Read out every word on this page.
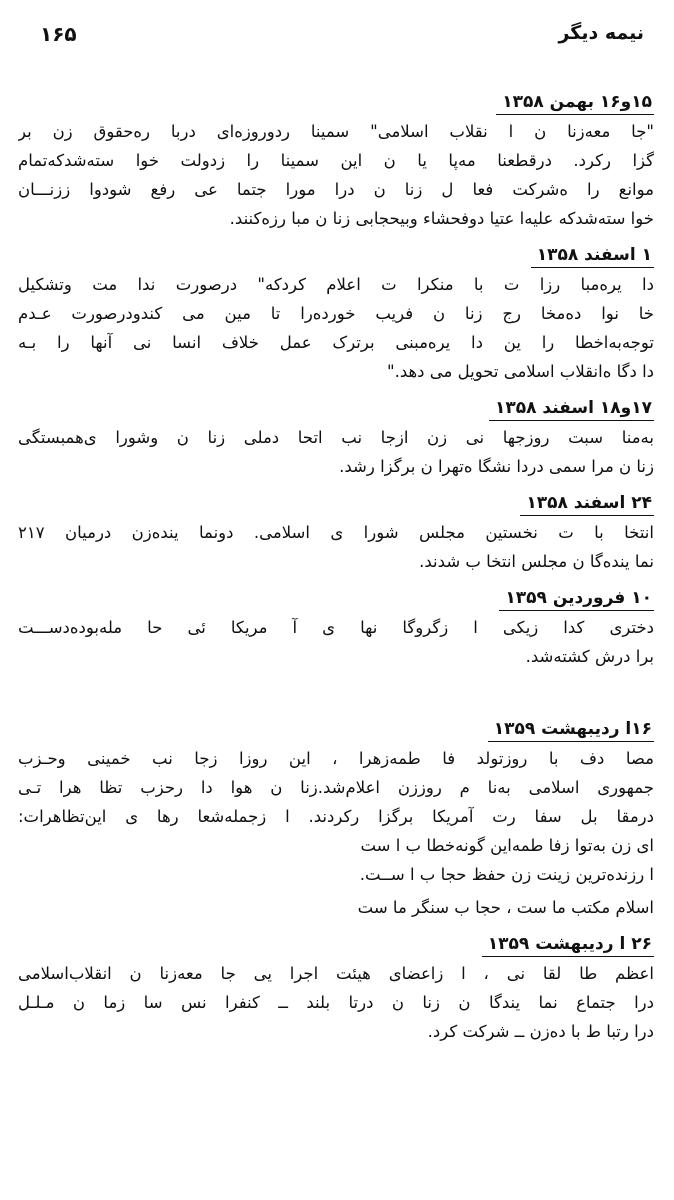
نیمه دیگر
۱۶۵
۱۵و۱۶ بهمن ۱۳۵۸
"جا معه‌زنا ن ا نقلاب اسلامی" سمینا ردوروزه‌ای دربا ره‌حقوق زن بر
گزا رکرد. درقطعنا مه‌پا یا ن این سمینا را زدولت خوا سته‌شدکه‌تمام
موانع را ه‌شرکت فعا ل زنا ن درا مورا جتما عی رفع شودوا ززنـــان
خوا سته‌شدکه علیه‌ا عتیا دوفحشاء وبیحجابی زنا ن مبا رزه‌کنند.
۱ اسفند ۱۳۵۸
دا یره‌مبا رزا ت با منکرا ت اعلام کردکه" درصورت ندا مت وتشکیل
خا نوا ده‌مخا رج زنا ن فریب خورده‌را تا مین می کندودرصورت عـدم
توجه‌به‌اخطا را ین دا یره‌مبنی برترک عمل خلاف انسا نی آنها را بـه
دا دگا ه‌انقلاب اسلامی تحویل می دهد."
۱۷و۱۸ اسفند ۱۳۵۸
به‌منا سبت روزجها نی زن ازجا نب اتحا دملی زنا ن وشورا ی‌همبستگی
زنا ن مرا سمی دردا نشگا ه‌تهرا ن برگزا رشد.
۲۴ اسفند ۱۳۵۸
انتخا با ت نخستین مجلس شورا ی اسلامی. دونما ینده‌زن درمیان ۲۱۷
نما ینده‌گا ن مجلس انتخا ب شدند.
۱۰ فروردین ۱۳۵۹
دختری کدا زیکی ا زگروگا نها ی آ مریکا ئی حا مله‌بوده‌دســـت
برا درش کشته‌شد.
۱۶ا ردیبهشت ۱۳۵۹
مصا دف با روزتولد فا طمه‌زهرا ، این روزا زجا نب خمینی وحـزب
جمهوری اسلامی به‌نا م روززن اعلام‌شد.زنا ن هوا دا رحزب تظا هرا تـی
درمقا بل سفا رت آمریکا برگزا رکردند. ا زجمله‌شعا رها ی این‌تظاهرات:
ای زن به‌توا زفا طمه‌این گونه‌خطا ب ا ست
ا رزنده‌ترین زینت زن حفظ حجا ب ا ســت.
اسلام مکتب ما ست ، حجا ب سنگر ما ست
۲۶ ا ردیبهشت ۱۳۵۹
اعظم طا لقا نی ، ا زاعضای هیئت اجرا یی جا معه‌زنا ن انقلاب‌اسلامی
درا جتماع نما یندگا ن زنا ن درتا بلند ــ کنفرا نس سا زما ن مـلـل
درا رتبا ط با ده‌زن ــ شرکت کرد.
